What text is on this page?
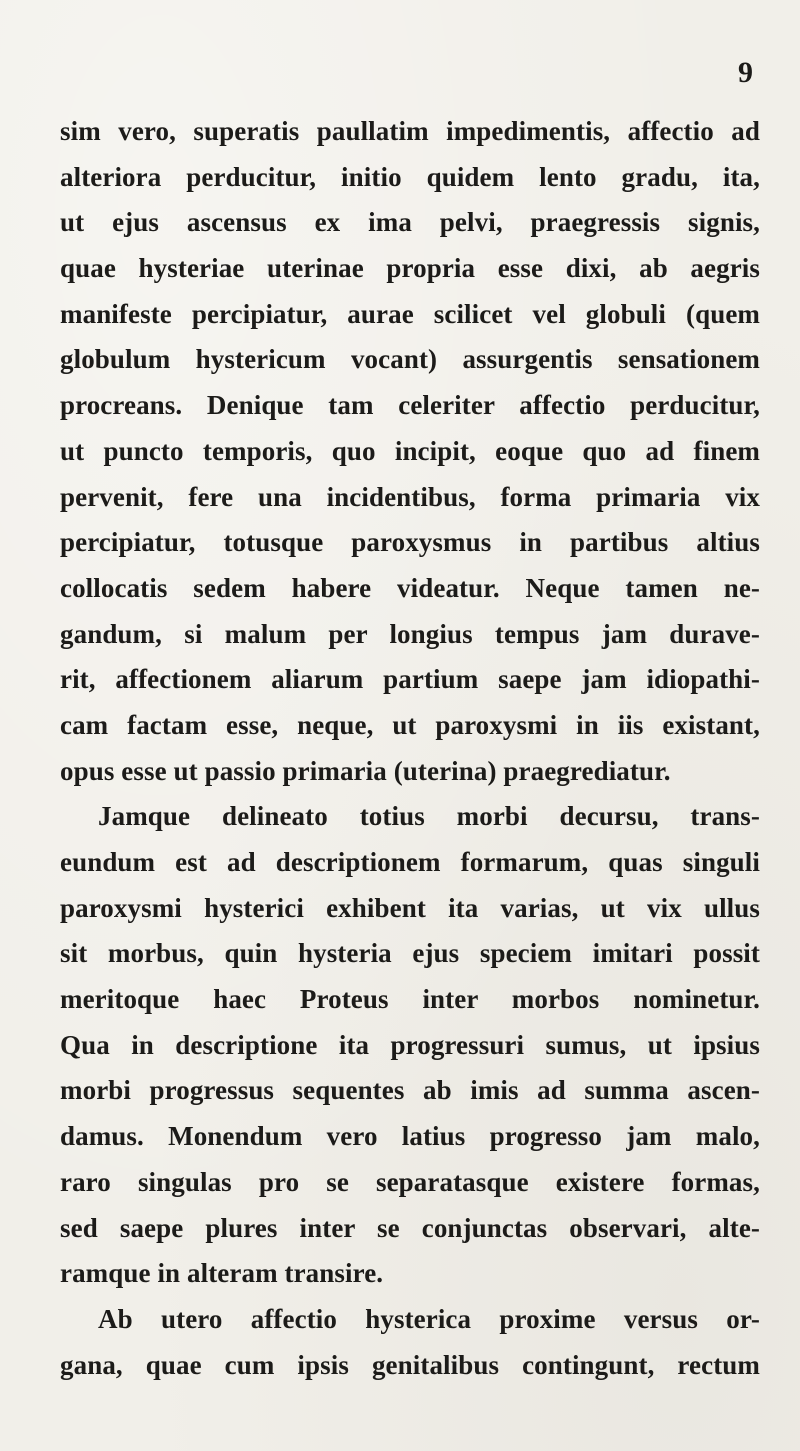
9
sim vero, superatis paullatim impedimentis, affectio ad
alteriora perducitur, initio quidem lento gradu, ita,
ut ejus ascensus ex ima pelvi, praegressis signis,
quae hysteriae uterinae propria esse dixi, ab aegris
manifeste percipiatur, aurae scilicet vel globuli (quem
globulum hystericum vocant) assurgentis sensationem
procreans. Denique tam celeriter affectio perducitur,
ut puncto temporis, quo incipit, eoque quo ad finem
pervenit, fere una incidentibus, forma primaria vix
percipiatur, totusque paroxysmus in partibus altius
collocatis sedem habere videatur. Neque tamen ne-
gandum, si malum per longius tempus jam durave-
rit, affectionem aliarum partium saepe jam idiopathi-
cam factam esse, neque, ut paroxysmi in iis existant,
opus esse ut passio primaria (uterina) praegrediatur.
Jamque delineato totius morbi decursu, trans-
eundum est ad descriptionem formarum, quas singuli
paroxysmi hysterici exhibent ita varias, ut vix ullus
sit morbus, quin hysteria ejus speciem imitari possit
meritoque haec Proteus inter morbos nominetur.
Qua in descriptione ita progressuri sumus, ut ipsius
morbi progressus sequentes ab imis ad summa ascen-
damus. Monendum vero latius progresso jam malo,
raro singulas pro se separatasque existere formas,
sed saepe plures inter se conjunctas observari, alte-
ramque in alteram transire.
Ab utero affectio hysterica proxime versus or-
gana, quae cum ipsis genitalibus contingunt, rectum
